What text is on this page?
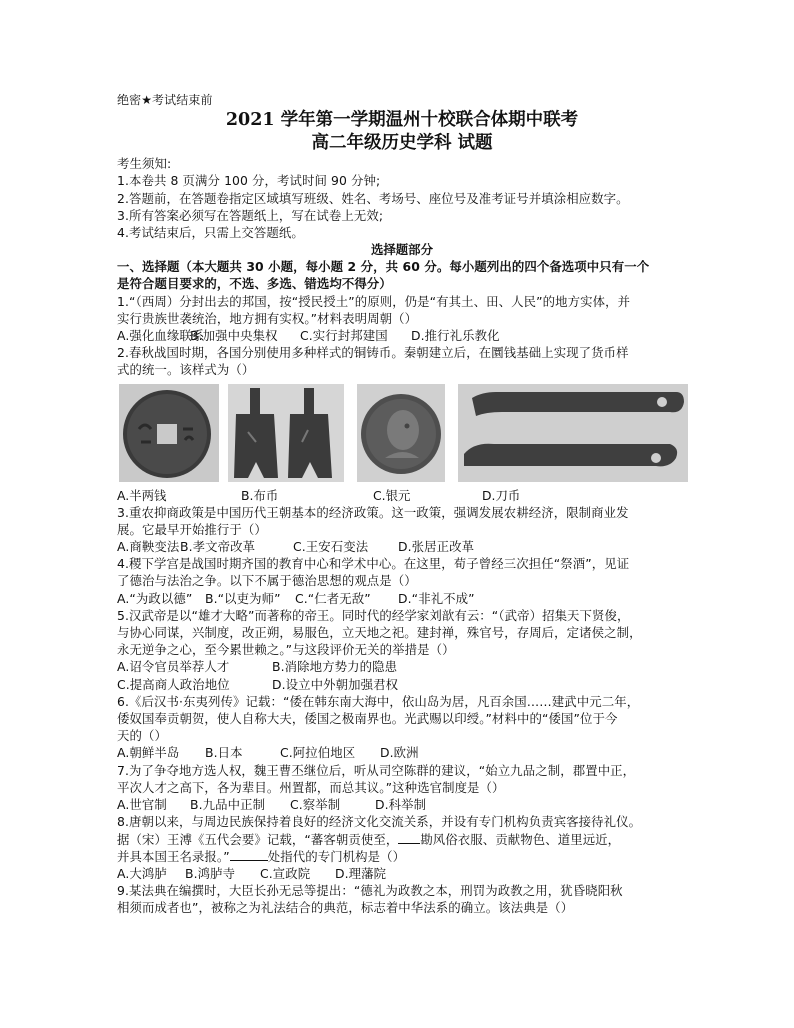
绝密★考试结束前
2021 学年第一学期温州十校联合体期中联考
高二年级历史学科 试题
考生须知:
1.本卷共 8 页满分 100 分，考试时间 90 分钟;
2.答题前，在答题卷指定区域填写班级、姓名、考场号、座位号及准考证号并填涂相应数字。
3.所有答案必须写在答题纸上，写在试卷上无效;
4.考试结束后，只需上交答题纸。
选择题部分
一、选择题（本大题共 30 小题，每小题 2 分，共 60 分。每小题列出的四个备选项中只有一个
是符合题目要求的，不选、多选、错选均不得分）
1.“（西周）分封出去的邦国，按“授民授土”的原则，仍是“有其土、田、人民”的地方实体，并
实行贵族世袭统治，地方拥有实权。”材料表明周朝（）
A.强化血缘联系
B.加强中央集权	C.实行封邦建国	D.推行礼乐教化
2.春秋战国时期，各国分别使用多种样式的铜铸币。秦朝建立后，在圜钱基础上实现了货币样
式的统一。该样式为（）
A.半两钱	B.布币	C.银元	D.刀币
3.重农抑商政策是中国历代王朝基本的经济政策。这一政策，强调发展农耕经济，限制商业发
展。它最早开始推行于（）
A.商鞅变法 B.孝文帝改革	C.王安石变法	D.张居正改革
4.稷下学宫是战国时期齐国的教育中心和学术中心。在这里，荀子曾经三次担任“祭酒”，见证
了德治与法治之争。以下不属于德治思想的观点是（）
A.“为政以德”	B.“以吏为师”	C.“仁者无敌”	D.“非礼不成”
5.汉武帝是以“雄才大略”而著称的帝王。同时代的经学家刘歆有云：“（武帝）招集天下贤俊，
与协心同谋，兴制度，改正朔，易服色，立天地之祀。建封禅，殊官号，存周后，定诸侯之制，
永无逆争之心，至今累世赖之。”与这段评价无关的举措是（）
A.诏令官员举荐人才	B.消除地方势力的隐患
C.提高商人政治地位	D.设立中外朝加强君权
6.《后汉书·东夷列传》记载：“倭在韩东南大海中，依山岛为居，凡百余国……建武中元二年，
倭奴国奉贡朝贺，使人自称大夫，倭国之极南界也。光武赐以印绶。”材料中的“倭国”位于今
天的（）
A.朝鲜半岛	B.日本	C.阿拉伯地区	D.欧洲
7.为了争夺地方选人权，魏王曹丕继位后，听从司空陈群的建议，“始立九品之制，郡置中正，
平次人才之高下，各为辈目。州置都，而总其议。”这种选官制度是（）
A.世官制	B.九品中正制	C.察举制	D.科举制
8.唐朝以来，与周边民族保持着良好的经济文化交流关系，并设有专门机构负责宾客接待礼仪。
据（宋）王溥《五代会要》记载，“蕃客朝贡使至， 勘风俗衣服、贡献物色、道里远近，
并具本国王名录报。”	处指代的专门机构是（）
A.大鸿胪	B.鸿胪寺	C.宣政院	D.理藩院
9.某法典在编撰时，大臣长孙无忌等提出：“德礼为政教之本，刑罚为政教之用，犹昏晓阳秋
相须而成者也”，被称之为礼法结合的典范，标志着中华法系的确立。该法典是（）
